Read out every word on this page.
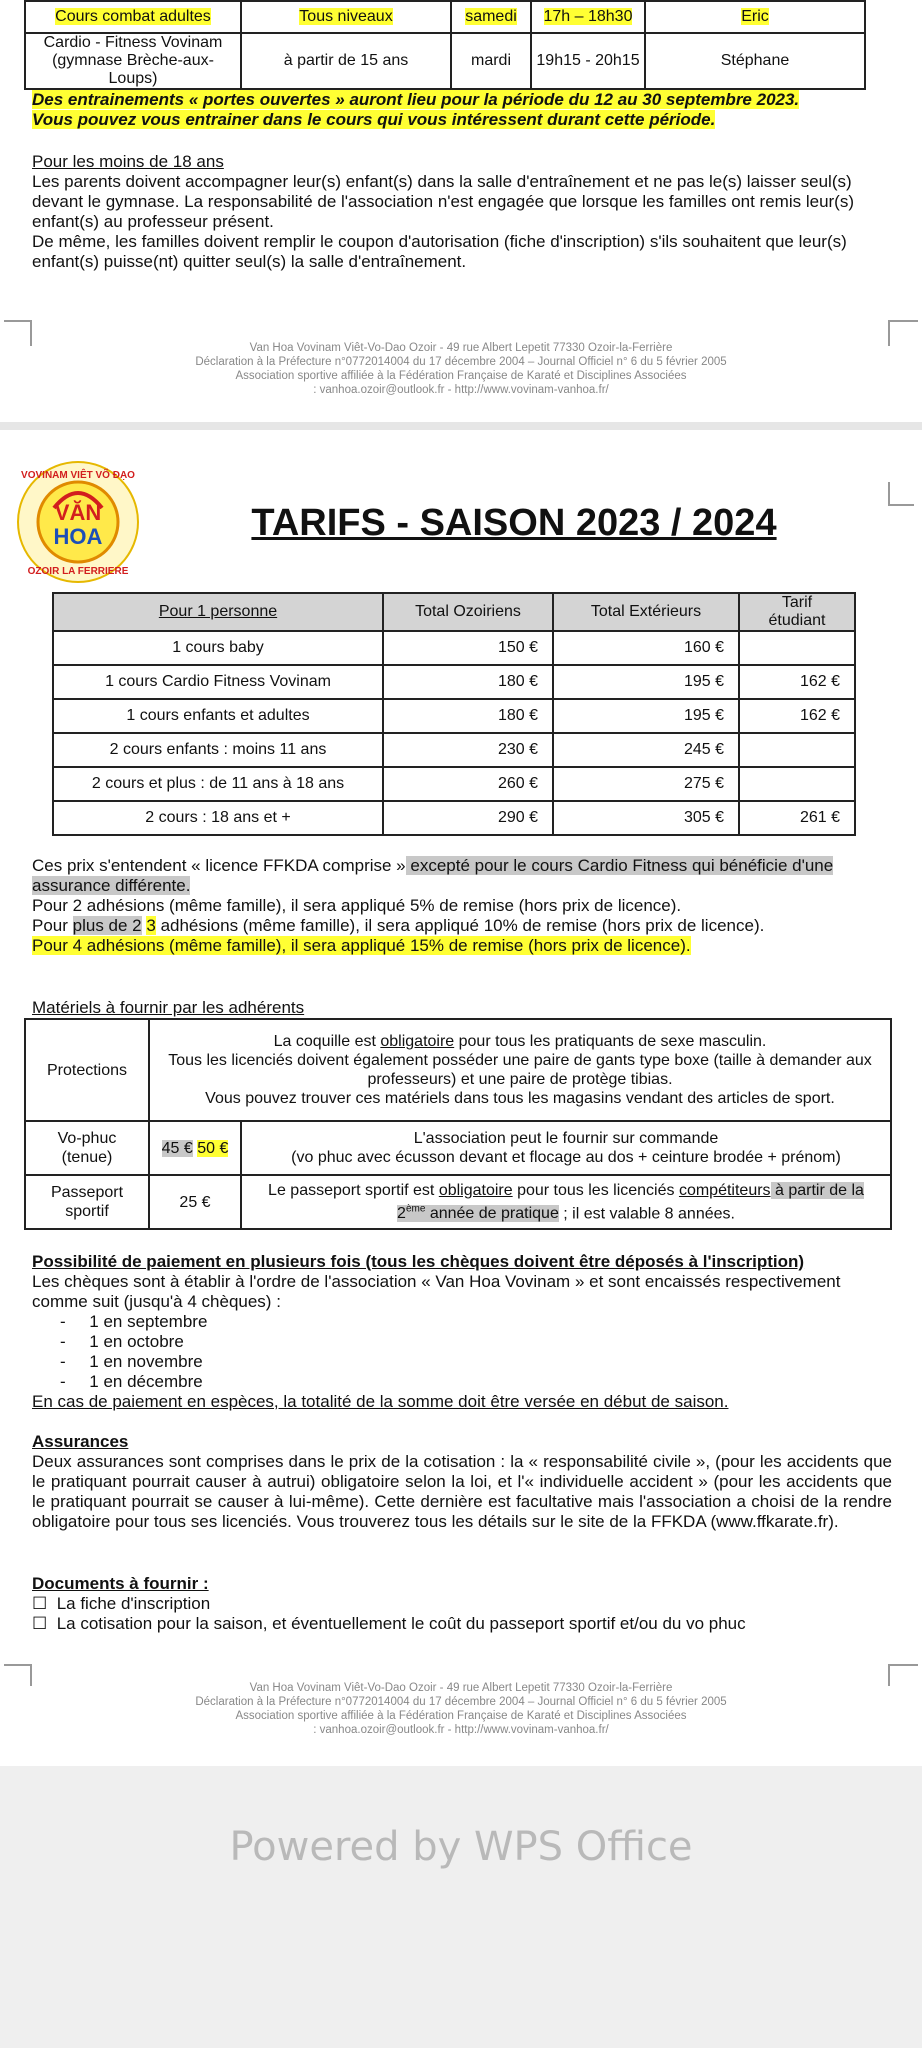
Cours combat adultes	Tous niveaux	samedi	17h – 18h30	Eric
Cardio - Fitness Vovinam (gymnase Brèche-aux-Loups)	à partir de 15 ans	mardi	19h15 - 20h15	Stéphane
Des entrainements « portes ouvertes » auront lieu pour la période du 12 au 30 septembre 2023.
Vous pouvez vous entrainer dans le cours qui vous intéressent durant cette période.
Pour les moins de 18 ans
Les parents doivent accompagner leur(s) enfant(s) dans la salle d'entraînement et ne pas le(s) laisser seul(s) devant le gymnase. La responsabilité de l'association n'est engagée que lorsque les familles ont remis leur(s) enfant(s) au professeur présent.
De même, les familles doivent remplir le coupon d'autorisation (fiche d'inscription) s'ils souhaitent que leur(s) enfant(s) puisse(nt) quitter seul(s) la salle d'entraînement.
Van Hoa Vovinam Viêt-Vo-Dao Ozoir - 49 rue Albert Lepetit 77330 Ozoir-la-Ferrière
Déclaration à la Préfecture n°0772014004 du 17 décembre 2004 – Journal Officiel n° 6 du 5 février 2005
Association sportive affiliée à la Fédération Française de Karaté et Disciplines Associées
: vanhoa.ozoir@outlook.fr - http://www.vovinam-vanhoa.fr/
VĂN
HOA
VOVINAM VIÊT VÕ ĐẠO
OZOIR LA FERRIERE
TARIFS - SAISON 2023 / 2024
Pour 1 personne	Total Ozoiriens	Total Extérieurs	Tarif étudiant
1 cours baby	150 €	160 €	
1 cours Cardio Fitness Vovinam	180 €	195 €	162 €
1 cours enfants et adultes	180 €	195 €	162 €
2 cours enfants : moins 11 ans	230 €	245 €	
2 cours et plus : de 11 ans à 18 ans	260 €	275 €	
2 cours : 18 ans et +	290 €	305 €	261 €
Ces prix s'entendent « licence FFKDA comprise » excepté pour le cours Cardio Fitness qui bénéficie d'une assurance différente.
Pour 2 adhésions (même famille), il sera appliqué 5% de remise (hors prix de licence).
Pour plus de 2 3 adhésions (même famille), il sera appliqué 10% de remise (hors prix de licence).
Pour 4 adhésions (même famille), il sera appliqué 15% de remise (hors prix de licence).
Matériels à fournir par les adhérents
Protections	La coquille est obligatoire pour tous les pratiquants de sexe masculin.
Tous les licenciés doivent également posséder une paire de gants type boxe (taille à demander aux professeurs) et une paire de protège tibias.
Vous pouvez trouver ces matériels dans tous les magasins vendant des articles de sport.	
Vo-phuc (tenue)	45 € 50 €	L'association peut le fournir sur commande
(vo phuc avec écusson devant et flocage au dos + ceinture brodée + prénom)
Passeport sportif	25 €	Le passeport sportif est obligatoire pour tous les licenciés compétiteurs à partir de la
2ème année de pratique ; il est valable 8 années.
Possibilité de paiement en plusieurs fois (tous les chèques doivent être déposés à l'inscription)
Les chèques sont à établir à l'ordre de l'association « Van Hoa Vovinam » et sont encaissés respectivement comme suit (jusqu'à 4 chèques) :
-     1 en septembre
-     1 en octobre
-     1 en novembre
-     1 en décembre
En cas de paiement en espèces, la totalité de la somme doit être versée en début de saison.
Assurances
Deux assurances sont comprises dans le prix de la cotisation : la « responsabilité civile », (pour les accidents que le pratiquant pourrait causer à autrui) obligatoire selon la loi, et l'« individuelle accident » (pour les accidents que le pratiquant pourrait se causer à lui-même). Cette dernière est facultative mais l'association a choisi de la rendre obligatoire pour tous ses licenciés. Vous trouverez tous les détails sur le site de la FFKDA (www.ffkarate.fr).
Documents à fournir :
☐ La fiche d'inscription
☐ La cotisation pour la saison, et éventuellement le coût du passeport sportif et/ou du vo phuc
Van Hoa Vovinam Viêt-Vo-Dao Ozoir - 49 rue Albert Lepetit 77330 Ozoir-la-Ferrière
Déclaration à la Préfecture n°0772014004 du 17 décembre 2004 – Journal Officiel n° 6 du 5 février 2005
Association sportive affiliée à la Fédération Française de Karaté et Disciplines Associées
: vanhoa.ozoir@outlook.fr - http://www.vovinam-vanhoa.fr/
Powered by WPS Office
